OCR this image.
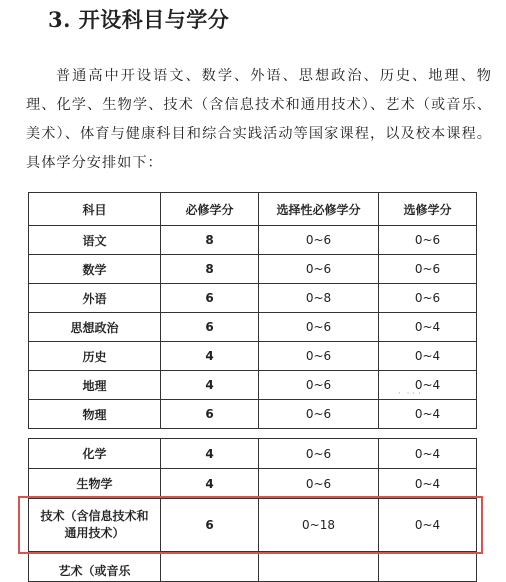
3. 开设科目与学分
普通高中开设语文、数学、外语、思想政治、历史、地理、物理、化学、生物学、技术（含信息技术和通用技术）、艺术（或音乐、美术）、体育与健康科目和综合实践活动等国家课程，以及校本课程。具体学分安排如下：
科目	必修学分	选择性必修学分	选修学分
语文	8	0~6	0~6
数学	8	0~6	0~6
外语	6	0~8	0~6
思想政治	6	0~6	0~4
历史	4	0~6	0~4
地理	4	0~6	0~4
物理	6	0~6	0~4
·  · · ·
化学	4	0~6	0~4
生物学	4	0~6	0~4
技术（含信息技术和通用技术）	6	0~18	0~4

艺术（或音乐			
